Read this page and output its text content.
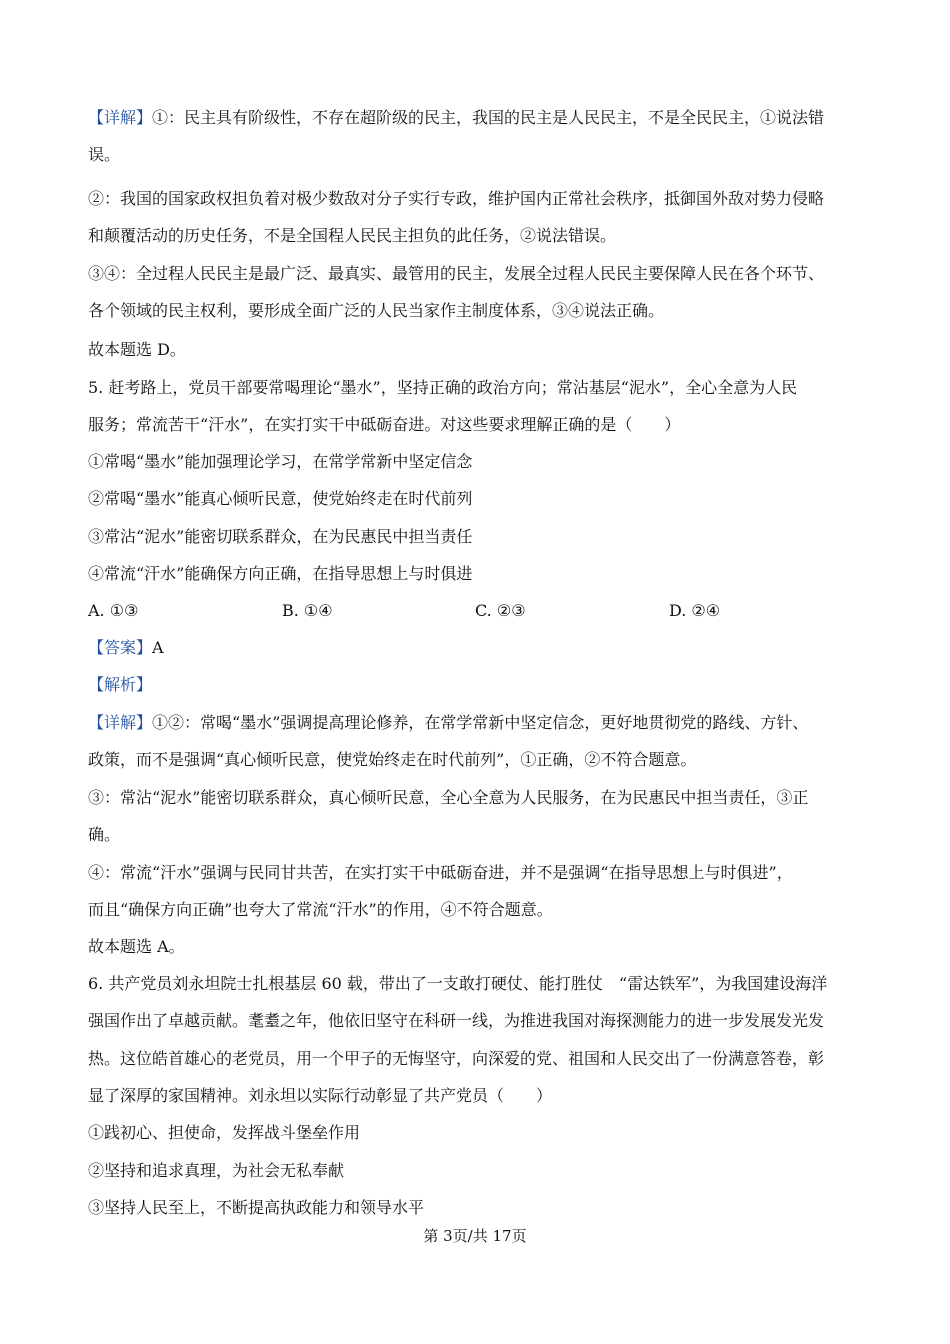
【详解】①：民主具有阶级性，不存在超阶级的民主，我国的民主是人民民主，不是全民民主，①说法错
误。
②：我国的国家政权担负着对极少数敌对分子实行专政，维护国内正常社会秩序，抵御国外敌对势力侵略
和颠覆活动的历史任务，不是全国程人民民主担负的此任务，②说法错误。
③④：全过程人民民主是最广泛、最真实、最管用的民主，发展全过程人民民主要保障人民在各个环节、
各个领域的民主权利，要形成全面广泛的人民当家作主制度体系，③④说法正确。
故本题选 D。
5. 赶考路上，党员干部要常喝理论“墨水”，坚持正确的政治方向；常沾基层“泥水”，全心全意为人民
服务；常流苦干“汗水”，在实打实干中砥砺奋进。对这些要求理解正确的是（　　）
①常喝“墨水”能加强理论学习，在常学常新中坚定信念
②常喝“墨水”能真心倾听民意，使党始终走在时代前列
③常沾“泥水”能密切联系群众，在为民惠民中担当责任
④常流“汗水”能确保方向正确，在指导思想上与时俱进
A. ①③	B. ①④	C. ②③	D. ②④
【答案】A
【解析】
【详解】①②：常喝“墨水”强调提高理论修养，在常学常新中坚定信念，更好地贯彻党的路线、方针、
政策，而不是强调“真心倾听民意，使党始终走在时代前列”，①正确，②不符合题意。
③：常沾“泥水”能密切联系群众，真心倾听民意，全心全意为人民服务，在为民惠民中担当责任，③正
确。
④：常流“汗水”强调与民同甘共苦，在实打实干中砥砺奋进，并不是强调“在指导思想上与时俱进”，
而且“确保方向正确”也夸大了常流“汗水”的作用，④不符合题意。
故本题选 A。
6. 共产党员刘永坦院士扎根基层 60 载，带出了一支敢打硬仗、能打胜仗　“雷达铁军”，为我国建设海洋
强国作出了卓越贡献。耄耋之年，他依旧坚守在科研一线，为推进我国对海探测能力的进一步发展发光发
热。这位皓首雄心的老党员，用一个甲子的无悔坚守，向深爱的党、祖国和人民交出了一份满意答卷，彰
显了深厚的家国精神。刘永坦以实际行动彰显了共产党员（　　）
①践初心、担使命，发挥战斗堡垒作用
②坚持和追求真理，为社会无私奉献
③坚持人民至上，不断提高执政能力和领导水平
第 3页/共 17页
